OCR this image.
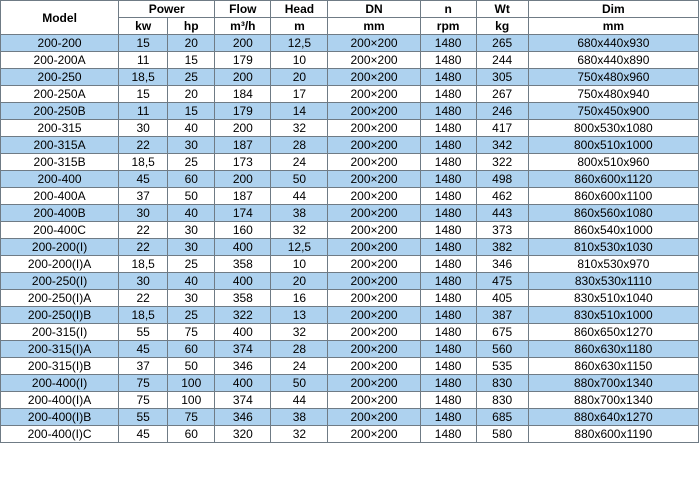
Model	Power		Flow	Head	DN	n	Wt	Dim
	kw	hp	m³/h	m	mm	rpm	kg	mm
200-200	15	20	200	12,5	200×200	1480	265	680x440x930
200-200A	11	15	179	10	200×200	1480	244	680x440x890
200-250	18,5	25	200	20	200×200	1480	305	750x480x960
200-250A	15	20	184	17	200×200	1480	267	750x480x940
200-250B	11	15	179	14	200×200	1480	246	750x450x900
200-315	30	40	200	32	200×200	1480	417	800x530x1080
200-315A	22	30	187	28	200×200	1480	342	800x510x1000
200-315B	18,5	25	173	24	200×200	1480	322	800x510x960
200-400	45	60	200	50	200×200	1480	498	860x600x1120
200-400A	37	50	187	44	200×200	1480	462	860x600x1100
200-400B	30	40	174	38	200×200	1480	443	860x560x1080
200-400C	22	30	160	32	200×200	1480	373	860x540x1000
200-200(I)	22	30	400	12,5	200×200	1480	382	810x530x1030
200-200(I)A	18,5	25	358	10	200×200	1480	346	810x530x970
200-250(I)	30	40	400	20	200×200	1480	475	830x530x1110
200-250(I)A	22	30	358	16	200×200	1480	405	830x510x1040
200-250(I)B	18,5	25	322	13	200×200	1480	387	830x510x1000
200-315(I)	55	75	400	32	200×200	1480	675	860x650x1270
200-315(I)A	45	60	374	28	200×200	1480	560	860x630x1180
200-315(I)B	37	50	346	24	200×200	1480	535	860x630x1150
200-400(I)	75	100	400	50	200×200	1480	830	880x700x1340
200-400(I)A	75	100	374	44	200×200	1480	830	880x700x1340
200-400(I)B	55	75	346	38	200×200	1480	685	880x640x1270
200-400(I)C	45	60	320	32	200×200	1480	580	880x600x1190
